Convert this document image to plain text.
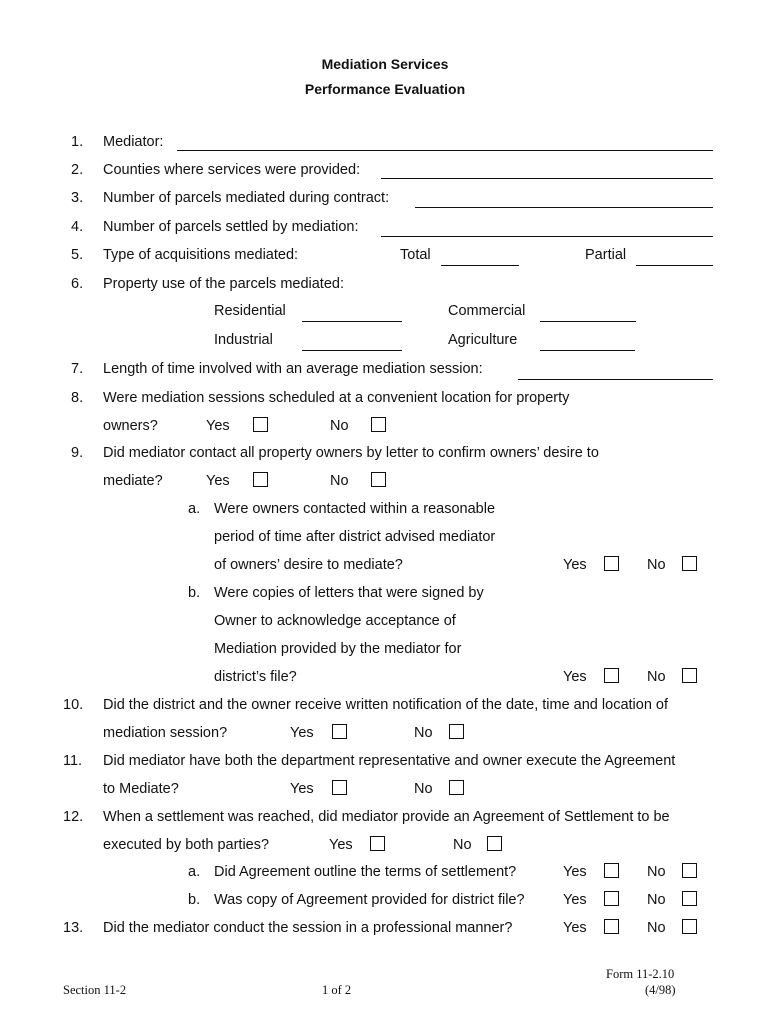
Mediation Services
Performance Evaluation
1. Mediator:
2. Counties where services were provided:
3. Number of parcels mediated during contract:
4. Number of parcels settled by mediation:
5. Type of acquisitions mediated:	Total	Partial
6. Property use of the parcels mediated:
Residential	Commercial
Industrial	Agriculture
7. Length of time involved with an average mediation session:
8. Were mediation sessions scheduled at a convenient location for property
owners?	Yes	No
9. Did mediator contact all property owners by letter to confirm owners’ desire to
mediate?	Yes	No
a. Were owners contacted within a reasonable
period of time after district advised mediator
of owners’ desire to mediate?	Yes	No
b. Were copies of letters that were signed by
Owner to acknowledge acceptance of
Mediation provided by the mediator for
district’s file?	Yes	No
10. Did the district and the owner receive written notification of the date, time and location of
mediation session?	Yes	No
11. Did mediator have both the department representative and owner execute the Agreement
to Mediate?	Yes	No
12. When a settlement was reached, did mediator provide an Agreement of Settlement to be
executed by both parties?	Yes	No
a. Did Agreement outline the terms of settlement?	Yes	No
b. Was copy of Agreement provided for district file?	Yes	No
13. Did the mediator conduct the session in a professional manner?	Yes	No
Section 11-2	1 of 2
Form 11-2.10
(4/98)
